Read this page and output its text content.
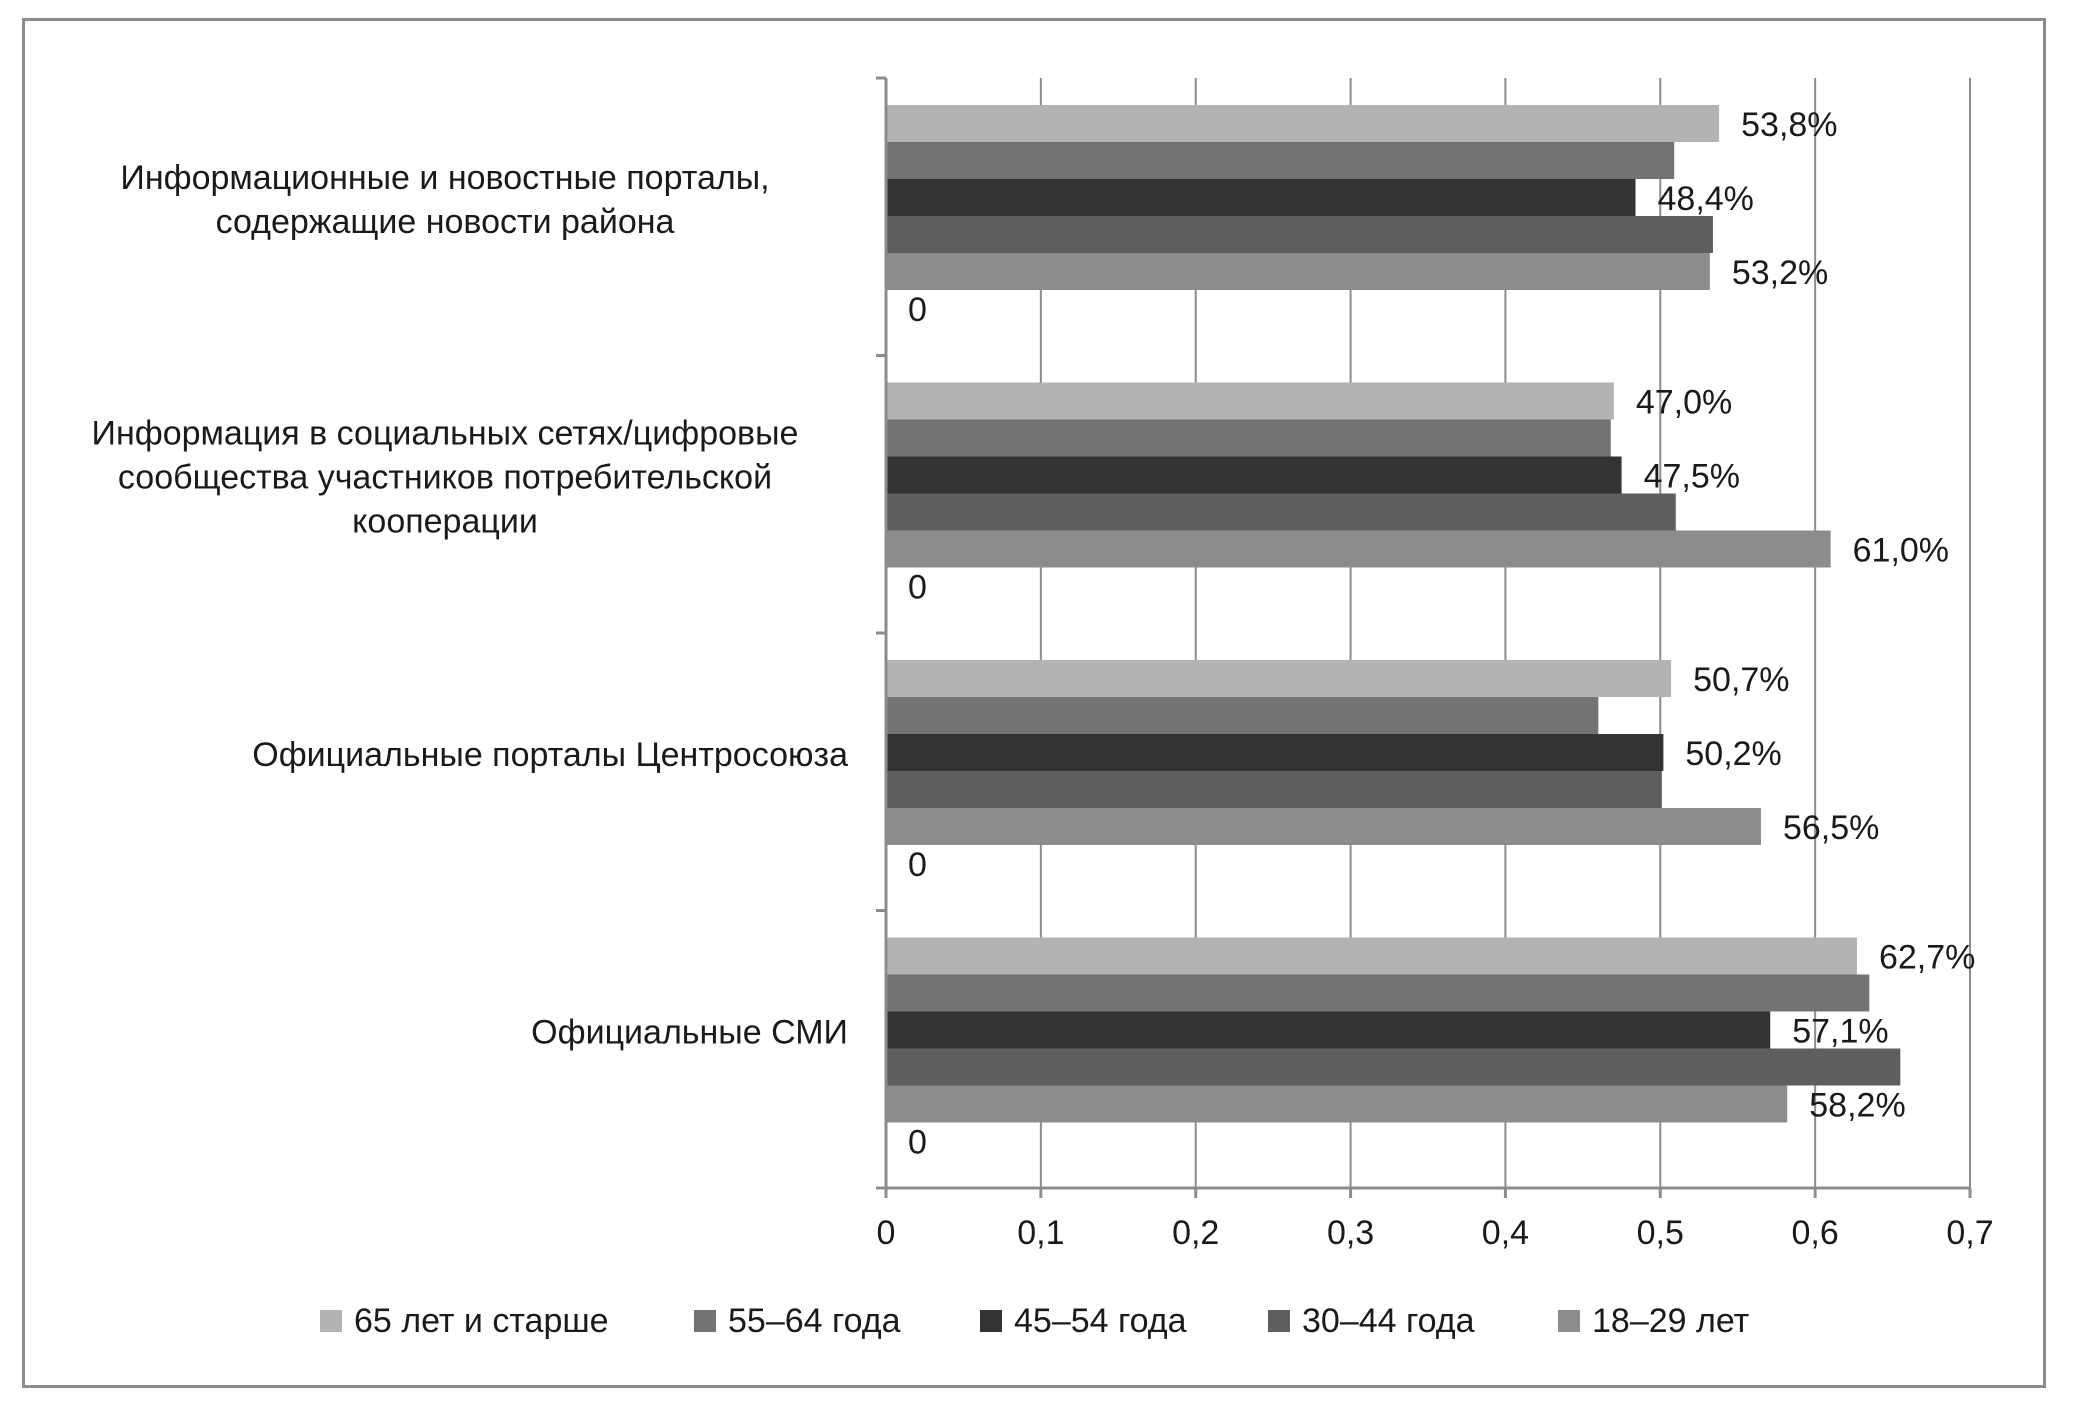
0	0,1	0,2	0,3	0,4	0,5	0,6	0,7
53,8%
48,4%
53,2%
0
Информационные и новостные порталы,
содержащие новости района
47,0%
47,5%
61,0%
0
Информация в социальных сетях/цифровые
сообщества участников потребительской
кооперации
50,7%
50,2%
56,5%
0
Официальные порталы Центросоюза
62,7%
57,1%
58,2%
0
Официальные СМИ
65 лет и старше	55–64 года	45–54 года	30–44 года	18–29 лет
